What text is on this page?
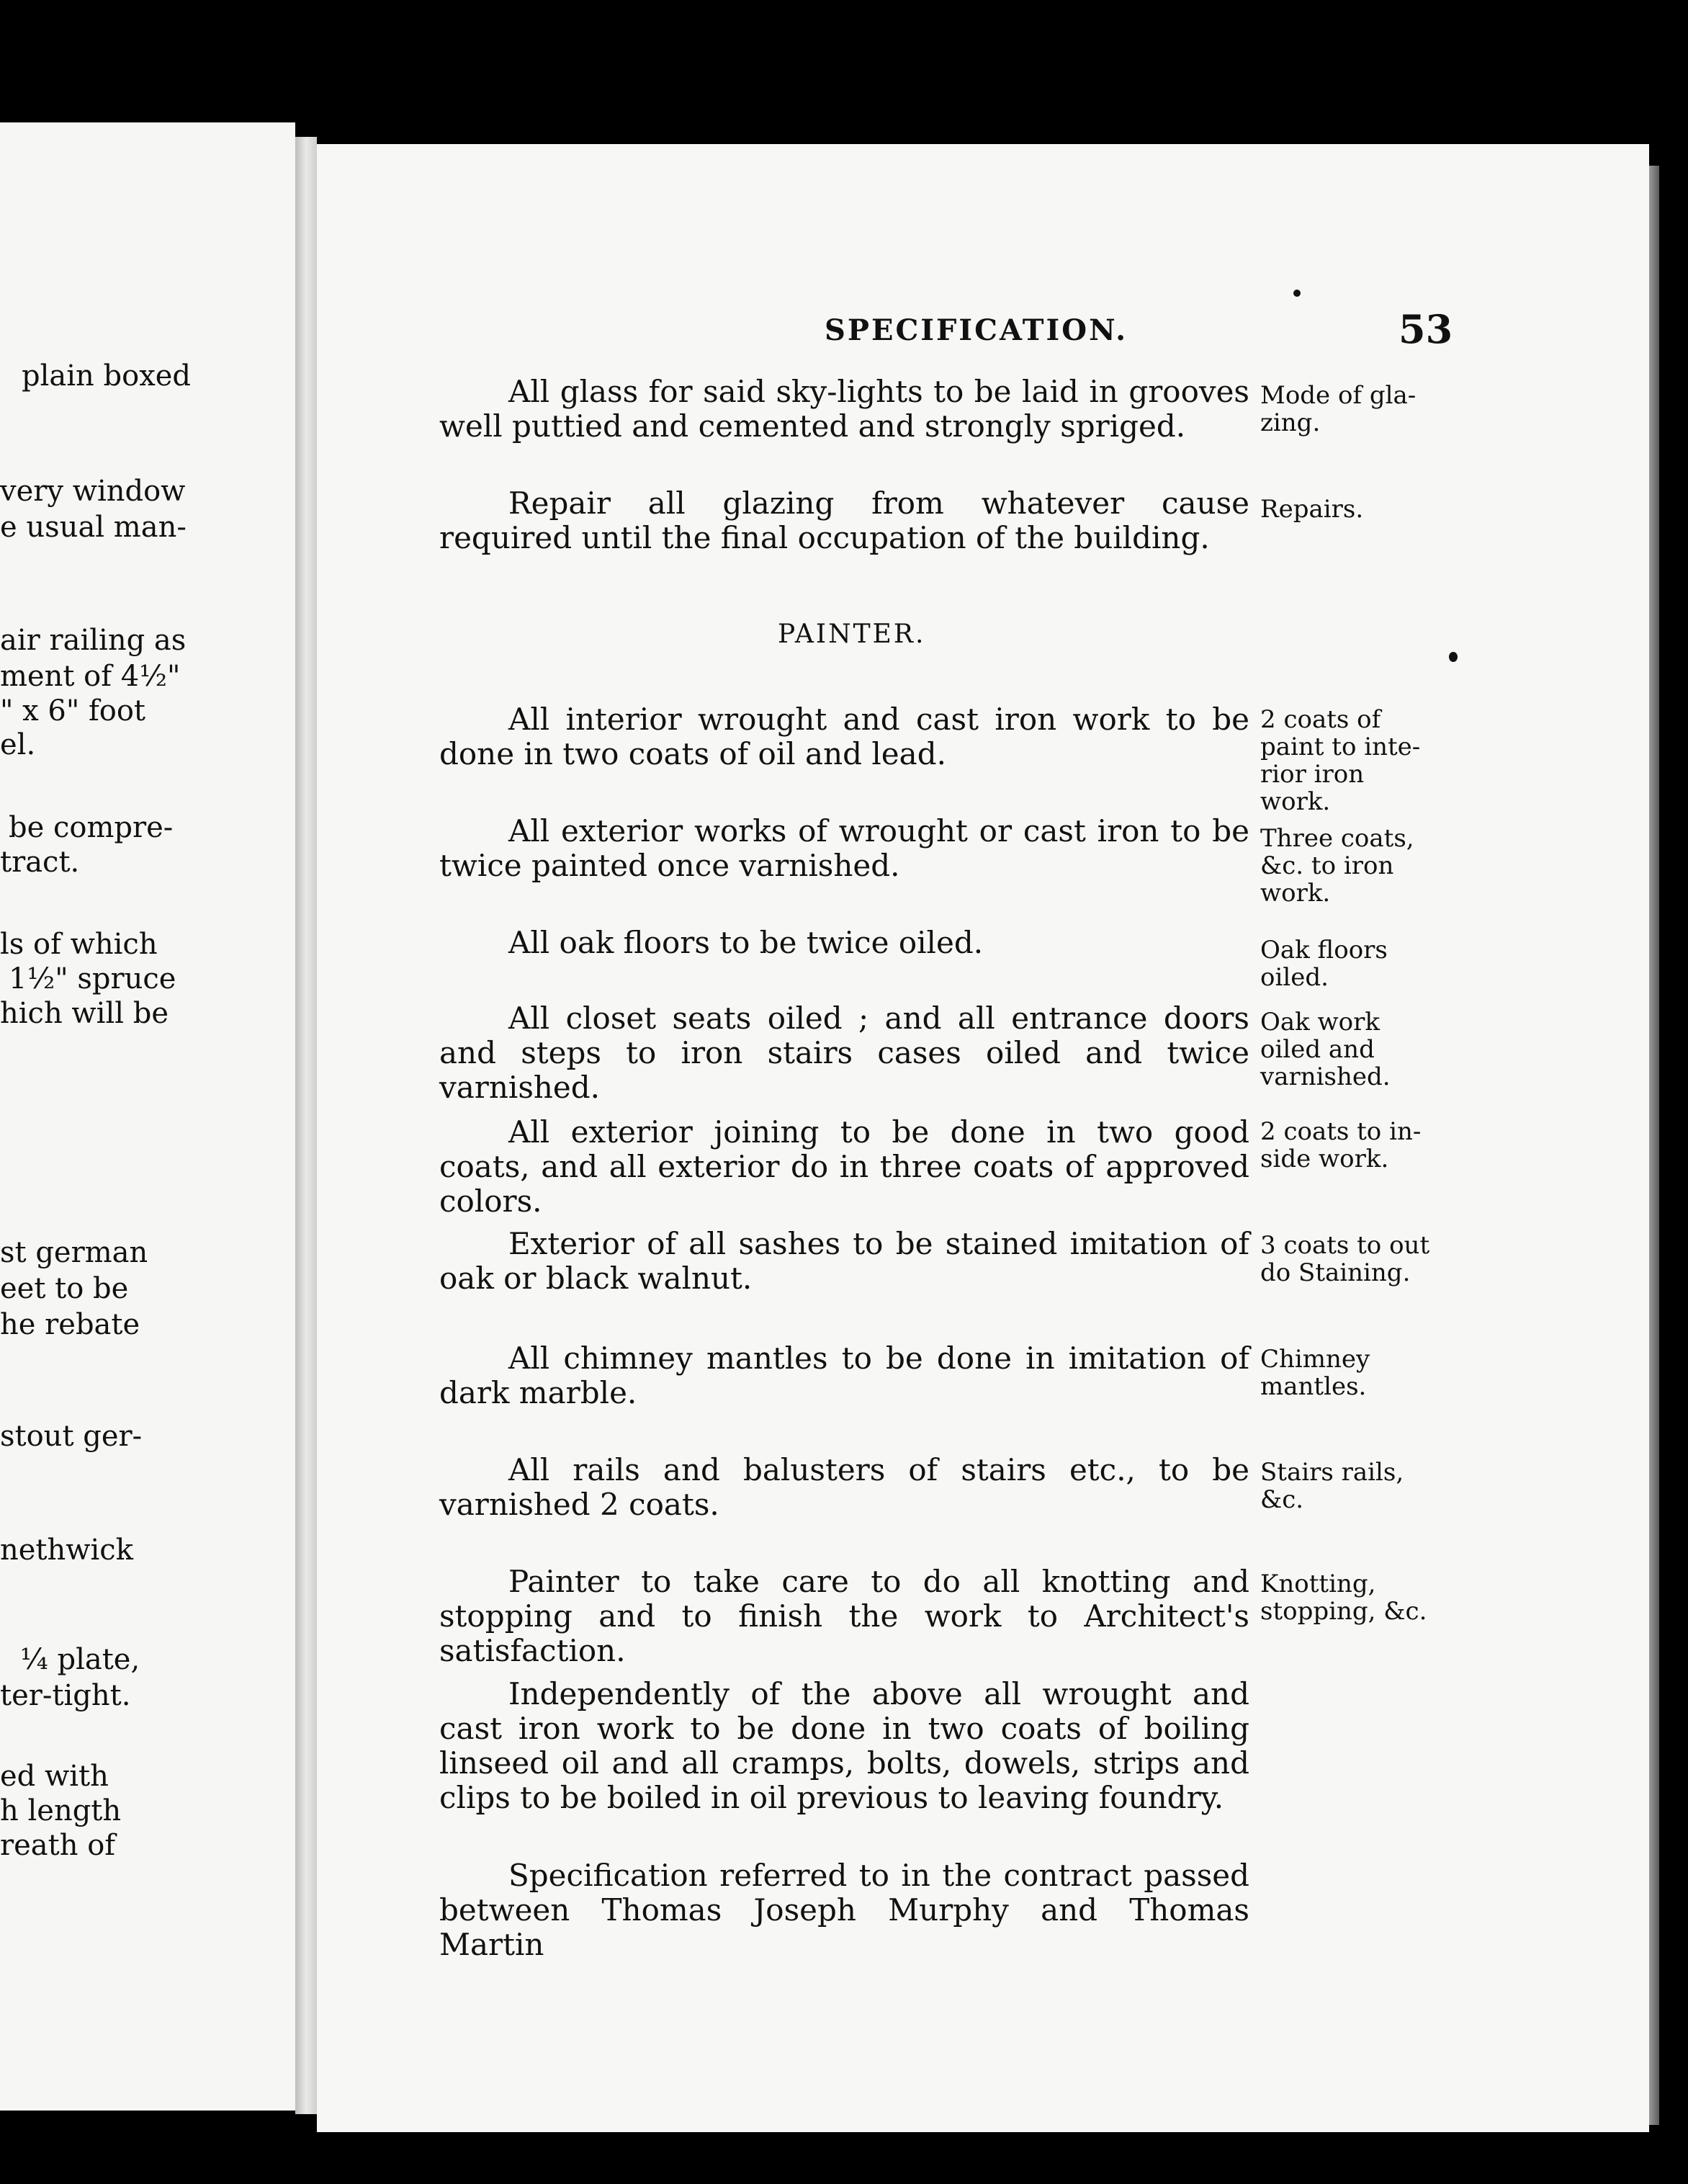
plain boxed
very window
e usual man-
air railing as
ment of 4½"
" x 6" foot
el.
be compre-
tract.
ls of which
1½" spruce
hich will be
st german
eet to be
he rebate
stout ger-
nethwick
¼ plate,
ter-tight.
ed with
h length
reath of
SPECIFICATION.	53
PAINTER.
All glass for said sky-lights to be laid in grooves well puttied and cemented and strongly spriged.
Repair all glazing from whatever cause required until the final occupation of the building.
All interior wrought and cast iron work to be done in two coats of oil and lead.
All exterior works of wrought or cast iron to be twice painted once varnished.
All oak floors to be twice oiled.
All closet seats oiled ; and all entrance doors and steps to iron stairs cases oiled and twice varnished.
All exterior joining to be done in two good coats, and all exterior do in three coats of approved colors.
Exterior of all sashes to be stained imitation of oak or black walnut.
All chimney mantles to be done in imitation of dark marble.
All rails and balusters of stairs etc., to be varnished 2 coats.
Painter to take care to do all knotting and stopping and to finish the work to Architect's satisfaction.
Independently of the above all wrought and cast iron work to be done in two coats of boiling linseed oil and all cramps, bolts, dowels, strips and clips to be boiled in oil previous to leaving foundry.
Specification referred to in the contract passed between Thomas Joseph Murphy and Thomas Martin
Mode of gla- zing.
Repairs.
2 coats of paint to inte- rior iron work.
Three coats, &c. to iron work.
Oak floors oiled.
Oak work oiled and varnished.
2 coats to in- side work.
3 coats to out do Staining.
Chimney mantles.
Stairs rails, &c.
Knotting, stopping, &c.
